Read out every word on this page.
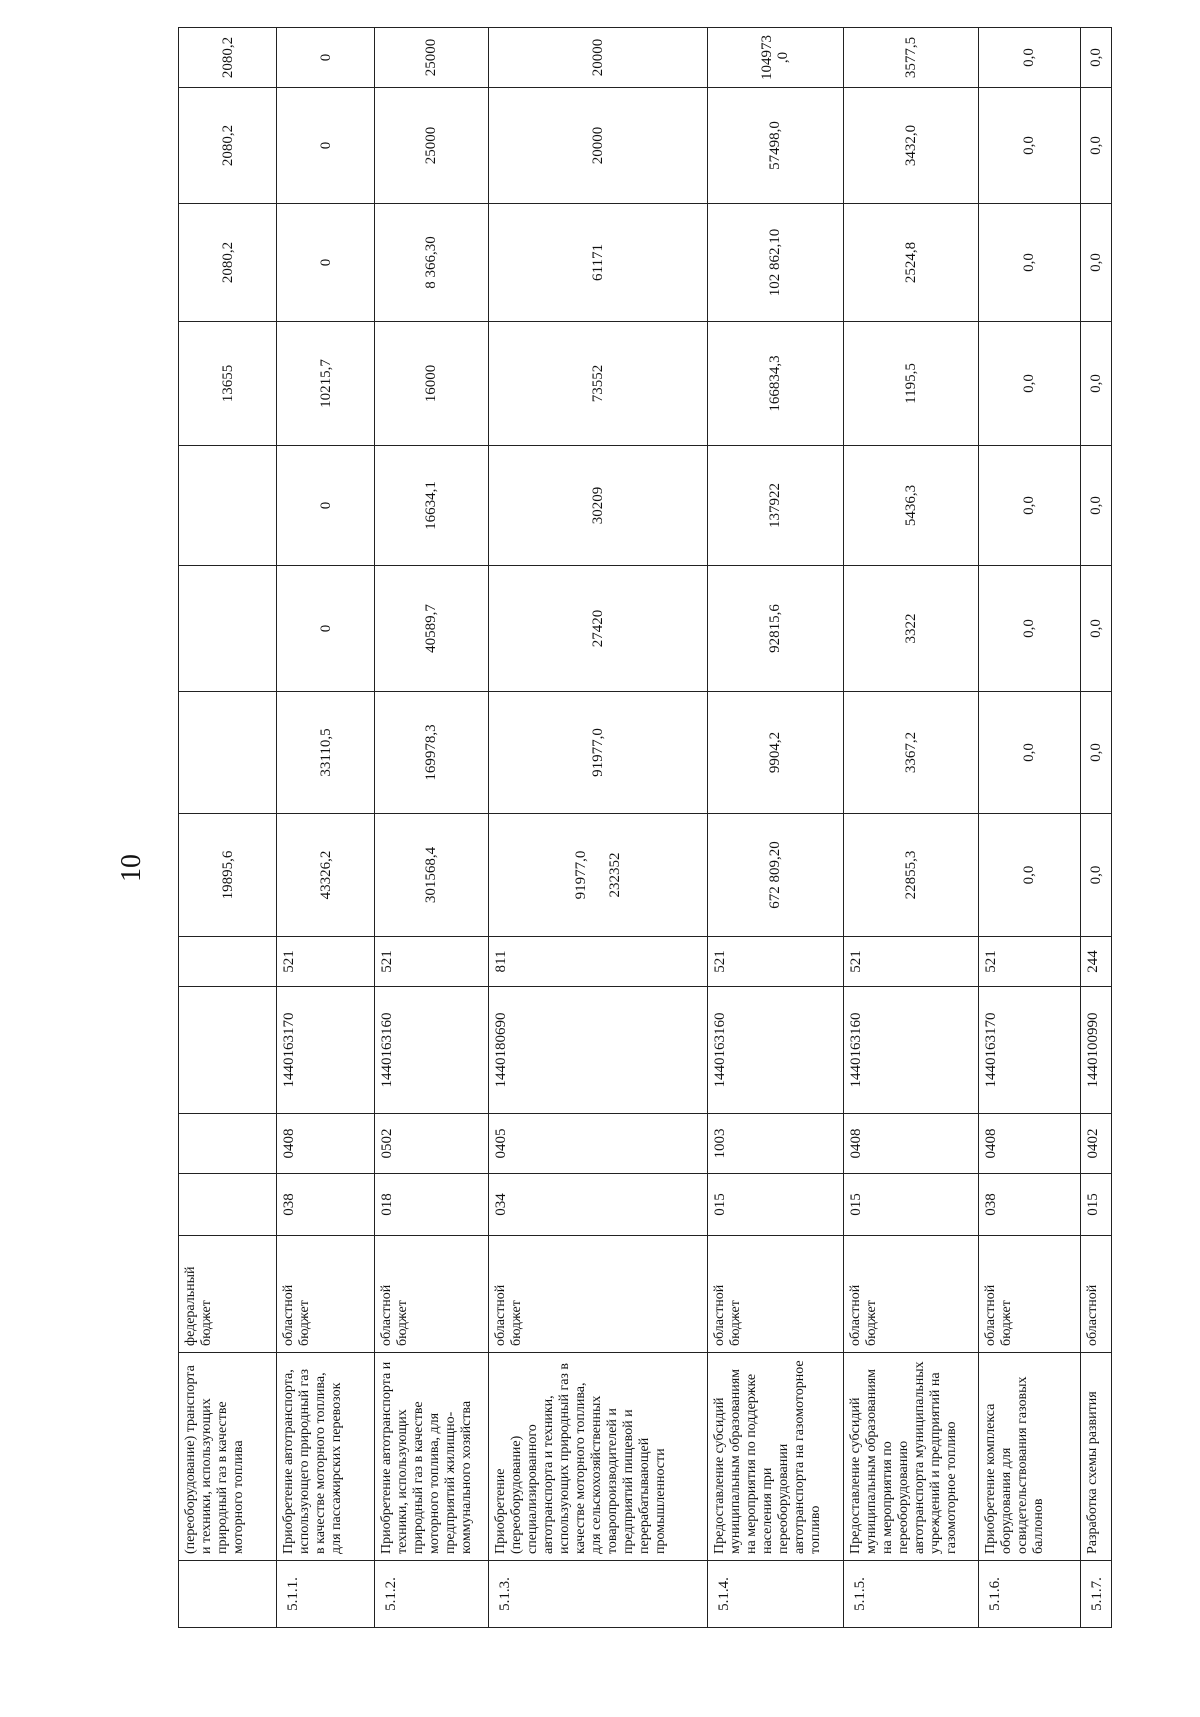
10

	(переоборудование) транспорта и техники, использующих природный газ в качестве моторного топлива	федеральный бюджет					19895,6				13655	2080,2	2080,2	2080,2

5.1.1.	Приобретение автотранспорта, использующего природный газ в качестве моторного топлива, для пассажирских перевозок	областной бюджет	038	0408	1440163170	521	43326,2	33110,5	0	0	10215,7	0	0	0

5.1.2.	Приобретение автотранспорта и техники, использующих природный газ в качестве моторного топлива, для предприятий жилищно-коммунального хозяйства	областной бюджет	018	0502	1440163160	521	301568,4	169978,3	40589,7	16634,1	16000	8 366,30	25000	25000

5.1.3.	Приобретение (переоборудование) специализированного автотранспорта и техники, использующих природный газ в качестве моторного топлива, для сельскохозяйственных товаропроизводителей и предприятий пищевой и перерабатывающей промышленности	областной бюджет	034	0405	1440180690	811	91977,0 232352	91977,0	27420	30209	73552	61171	20000	20000

5.1.4.	Предоставление субсидий муниципальным образованиям на мероприятия по поддержке населения при переоборудовании автотранспорта на газомоторное топливо	областной бюджет	015	1003	1440163160	521	672 809,20	9904,2	92815,6	137922	166834,3	102 862,10	57498,0	104973,0

5.1.5.	Предоставление субсидий муниципальным образованиям на мероприятия по переоборудованию автотранспорта муниципальных учреждений и предприятий на газомоторное топливо	областной бюджет	015	0408	1440163160	521	22855,3	3367,2	3322	5436,3	1195,5	2524,8	3432,0	3577,5

5.1.6.	Приобретение комплекса оборудования для освидетельствования газовых баллонов	областной бюджет	038	0408	1440163170	521	0,0	0,0	0,0	0,0	0,0	0,0	0,0	0,0

5.1.7.	Разработка схемы развития	областной	015	0402	1440100990	244	0,0	0,0	0,0	0,0	0,0	0,0	0,0	0,0
